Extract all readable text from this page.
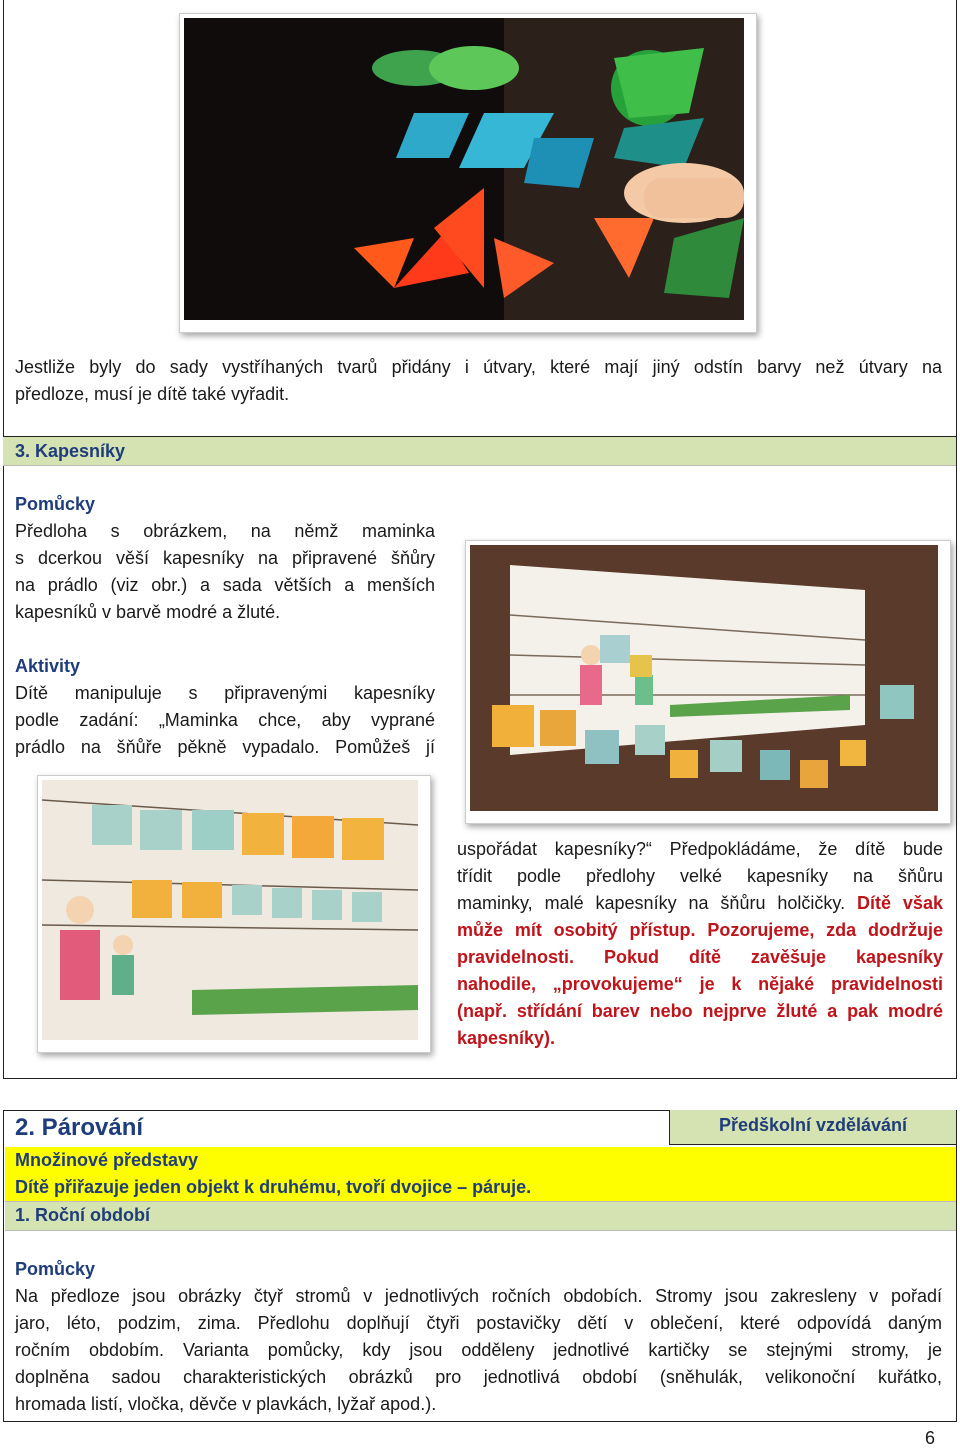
Jestliže byly do sady vystříhaných tvarů přidány i útvary, které mají jiný odstín barvy než útvary na
předloze, musí je dítě také vyřadit.
3. Kapesníky
Pomůcky
Předloha s obrázkem, na němž maminka
s dcerkou věší kapesníky na připravené šňůry
na prádlo (viz obr.) a sada větších a menších
kapesníků v barvě modré a žluté.
Aktivity
Dítě manipuluje s připravenými kapesníky
podle zadání: „Maminka chce, aby vyprané
prádlo na šňůře pěkně vypadalo. Pomůžeš jí
uspořádat kapesníky?“ Předpokládáme, že dítě bude
třídit podle předlohy velké kapesníky na šňůru
maminky, malé kapesníky na šňůru holčičky. Dítě však
může mít osobitý přístup. Pozorujeme, zda dodržuje
pravidelnosti. Pokud dítě zavěšuje kapesníky
nahodile, „provokujeme“ je k nějaké pravidelnosti
(např. střídání barev nebo nejprve žluté a pak modré
kapesníky).
2. Párování	Předškolní vzdělávání
Množinové představy
Dítě přiřazuje jeden objekt k druhému, tvoří dvojice – páruje.
1. Roční období
Pomůcky
Na předloze jsou obrázky čtyř stromů v jednotlivých ročních obdobích. Stromy jsou zakresleny v pořadí
jaro, léto, podzim, zima. Předlohu doplňují čtyři postavičky dětí v oblečení, které odpovídá daným
ročním obdobím. Varianta pomůcky, kdy jsou odděleny jednotlivé kartičky se stejnými stromy, je
doplněna sadou charakteristických obrázků pro jednotlivá období (sněhulák, velikonoční kuřátko,
hromada listí, vločka, děvče v plavkách, lyžař apod.).
6
